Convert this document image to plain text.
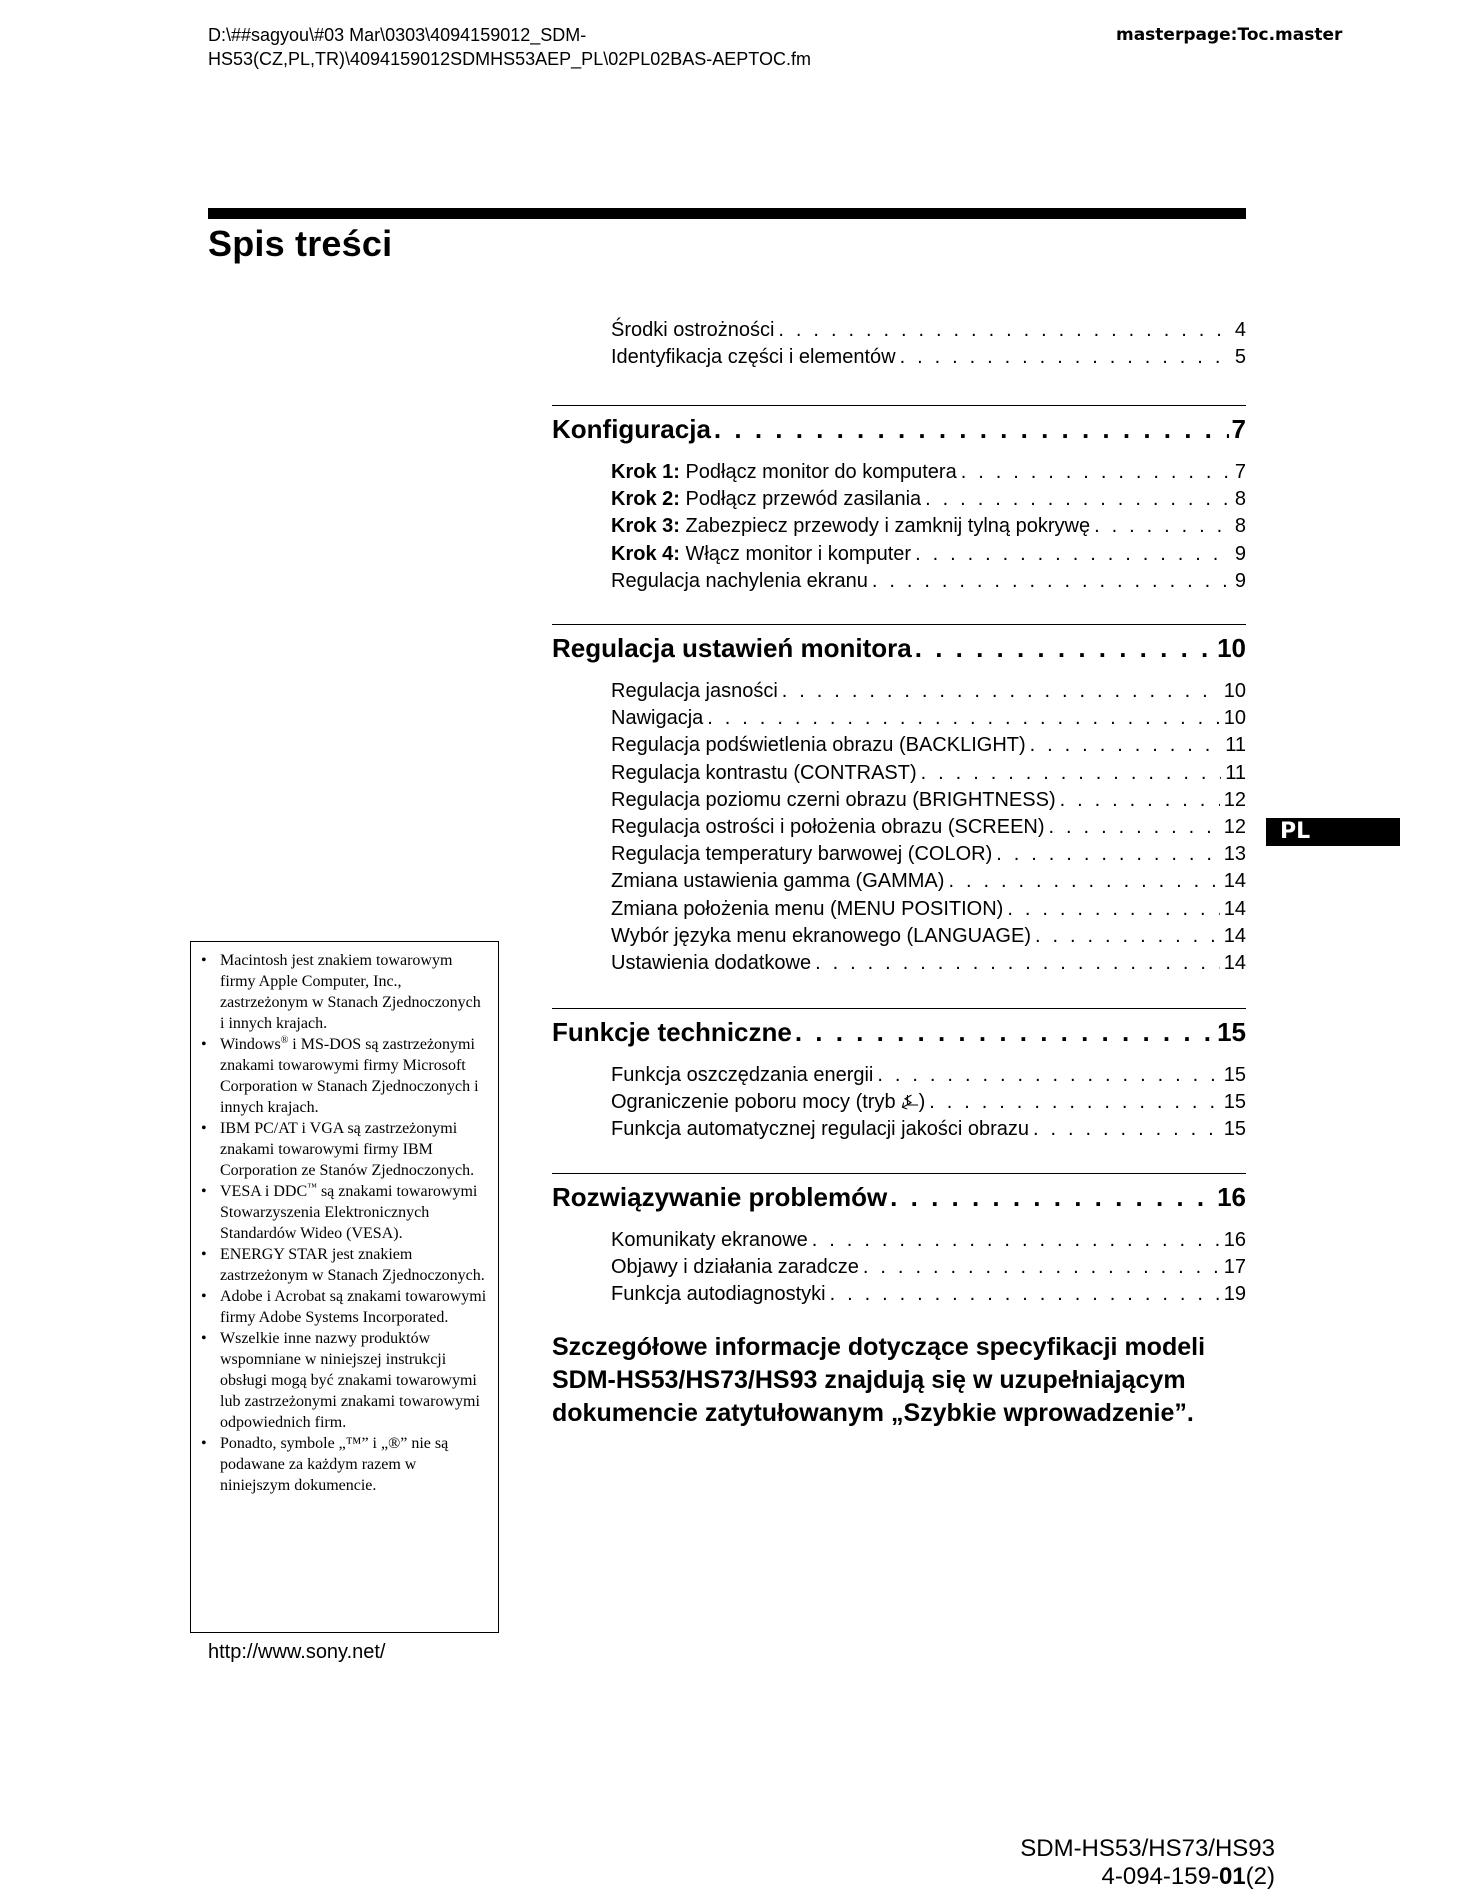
D:\##sagyou\#03 Mar\0303\4094159012_SDM-
HS53(CZ,PL,TR)\4094159012SDMHS53AEP_PL\02PL02BAS-AEPTOC.fm
masterpage:Toc.master
Spis treści
Środki ostrożności . . .	4
Identyfikacja części i elementów . . .	5
Konfiguracja . . .	7
Krok 1: Podłącz monitor do komputera . . .	7
Krok 2: Podłącz przewód zasilania . . .	8
Krok 3: Zabezpiecz przewody i zamknij tylną pokrywę . . .	8
Krok 4: Włącz monitor i komputer . . .	9
Regulacja nachylenia ekranu . . .	9
Regulacja ustawień monitora . . .	10
Regulacja jasności . . .	10
Nawigacja . . .	10
Regulacja podświetlenia obrazu (BACKLIGHT) . . .	11
Regulacja kontrastu (CONTRAST) . . .	11
Regulacja poziomu czerni obrazu (BRIGHTNESS) . . .	12
Regulacja ostrości i położenia obrazu (SCREEN) . . .	12
Regulacja temperatury barwowej (COLOR) . . .	13
Zmiana ustawienia gamma (GAMMA) . . .	14
Zmiana położenia menu (MENU POSITION) . . .	14
Wybór języka menu ekranowego (LANGUAGE) . . .	14
Ustawienia dodatkowe . . .	14
Funkcje techniczne . . .	15
Funkcja oszczędzania energii . . .	15
Ograniczenie poboru mocy (tryb ⍼) . . .	15
Funkcja automatycznej regulacji jakości obrazu . . .	15
Rozwiązywanie problemów . . .	16
Komunikaty ekranowe . . .	16
Objawy i działania zaradcze . . .	17
Funkcja autodiagnostyki . . .	19
Szczegółowe informacje dotyczące specyfikacji modeli SDM-HS53/HS73/HS93 znajdują się w uzupełniającym dokumencie zatytułowanym „Szybkie wprowadzenie”.
PL
• Macintosh jest znakiem towarowym firmy Apple Computer, Inc., zastrzeżonym w Stanach Zjednoczonych i innych krajach.
• Windows® i MS-DOS są zastrzeżonymi znakami towarowymi firmy Microsoft Corporation w Stanach Zjednoczonych i innych krajach.
• IBM PC/AT i VGA są zastrzeżonymi znakami towarowymi firmy IBM Corporation ze Stanów Zjednoczonych.
• VESA i DDC™ są znakami towarowymi Stowarzyszenia Elektronicznych Standardów Wideo (VESA).
• ENERGY STAR jest znakiem zastrzeżonym w Stanach Zjednoczonych.
• Adobe i Acrobat są znakami towarowymi firmy Adobe Systems Incorporated.
• Wszelkie inne nazwy produktów wspomniane w niniejszej instrukcji obsługi mogą być znakami towarowymi lub zastrzeżonymi znakami towarowymi odpowiednich firm.
• Ponadto, symbole „™” i „®” nie są podawane za każdym razem w niniejszym dokumencie.
http://www.sony.net/
SDM-HS53/HS73/HS93
4-094-159-01(2)
